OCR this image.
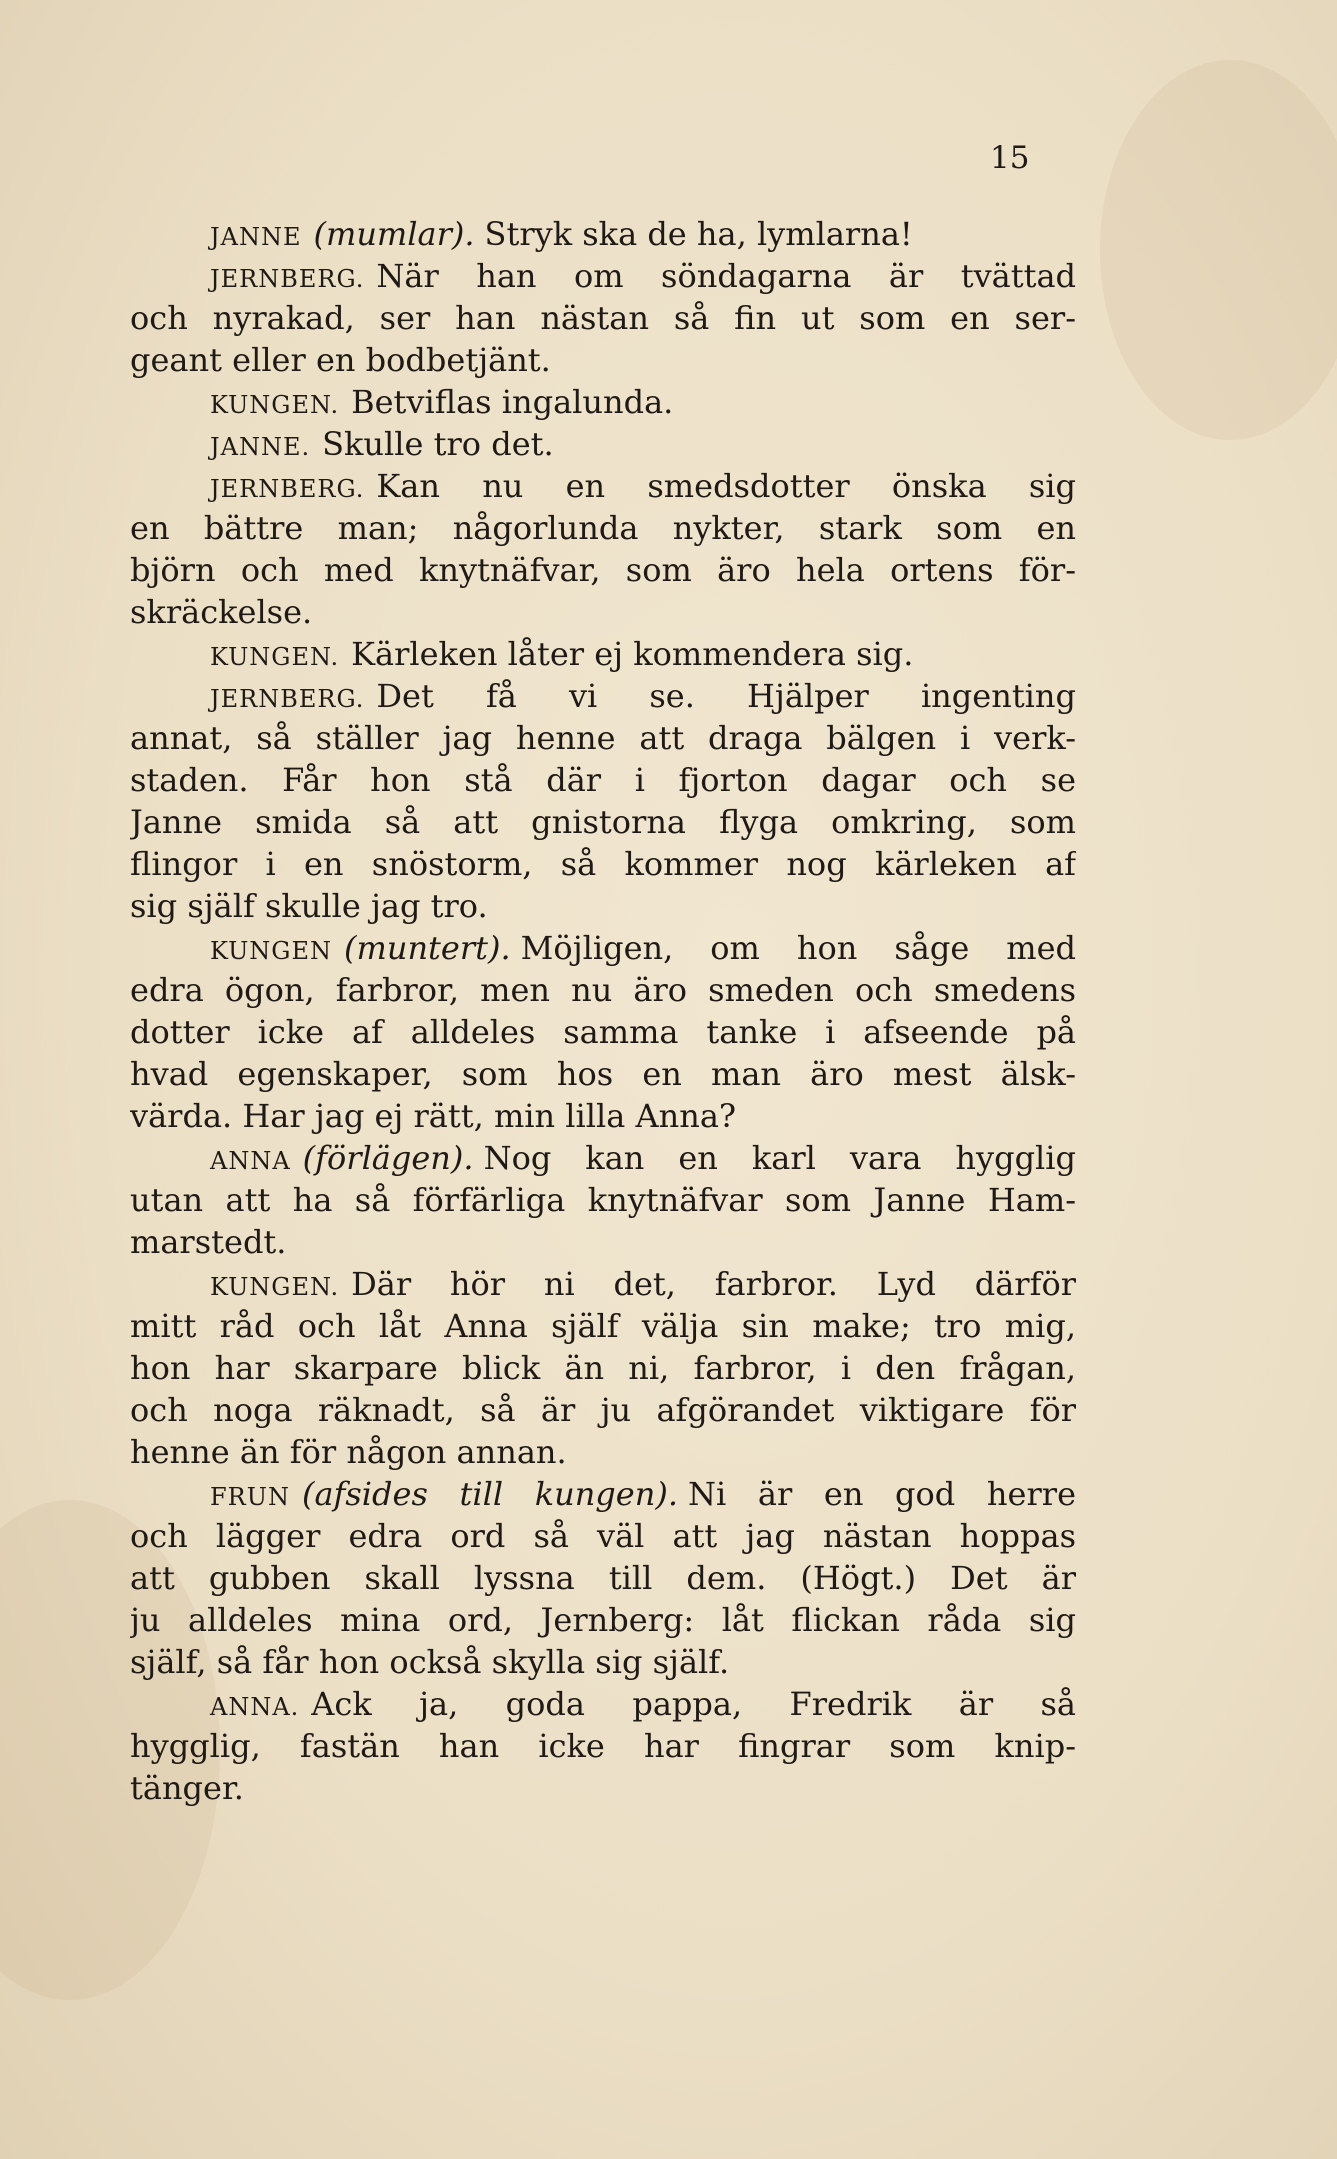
15
JANNE (mumlar). Stryk ska de ha, lymlarna!
JERNBERG. När han om söndagarna är tvättad
och nyrakad, ser han nästan så fin ut som en ser-
geant eller en bodbetjänt.
KUNGEN. Betviflas ingalunda.
JANNE. Skulle tro det.
JERNBERG. Kan nu en smedsdotter önska sig
en bättre man; någorlunda nykter, stark som en
björn och med knytnäfvar, som äro hela ortens för-
skräckelse.
KUNGEN. Kärleken låter ej kommendera sig.
JERNBERG. Det få vi se. Hjälper ingenting
annat, så ställer jag henne att draga bälgen i verk-
staden. Får hon stå där i fjorton dagar och se
Janne smida så att gnistorna flyga omkring, som
flingor i en snöstorm, så kommer nog kärleken af
sig själf skulle jag tro.
KUNGEN (muntert). Möjligen, om hon såge med
edra ögon, farbror, men nu äro smeden och smedens
dotter icke af alldeles samma tanke i afseende på
hvad egenskaper, som hos en man äro mest älsk-
värda. Har jag ej rätt, min lilla Anna?
ANNA (förlägen). Nog kan en karl vara hygglig
utan att ha så förfärliga knytnäfvar som Janne Ham-
marstedt.
KUNGEN. Där hör ni det, farbror. Lyd därför
mitt råd och låt Anna själf välja sin make; tro mig,
hon har skarpare blick än ni, farbror, i den frågan,
och noga räknadt, så är ju afgörandet viktigare för
henne än för någon annan.
FRUN (afsides till kungen). Ni är en god herre
och lägger edra ord så väl att jag nästan hoppas
att gubben skall lyssna till dem. (Högt.) Det är
ju alldeles mina ord, Jernberg: låt flickan råda sig
själf, så får hon också skylla sig själf.
ANNA. Ack ja, goda pappa, Fredrik är så
hygglig, fastän han icke har fingrar som knip-
tänger.
